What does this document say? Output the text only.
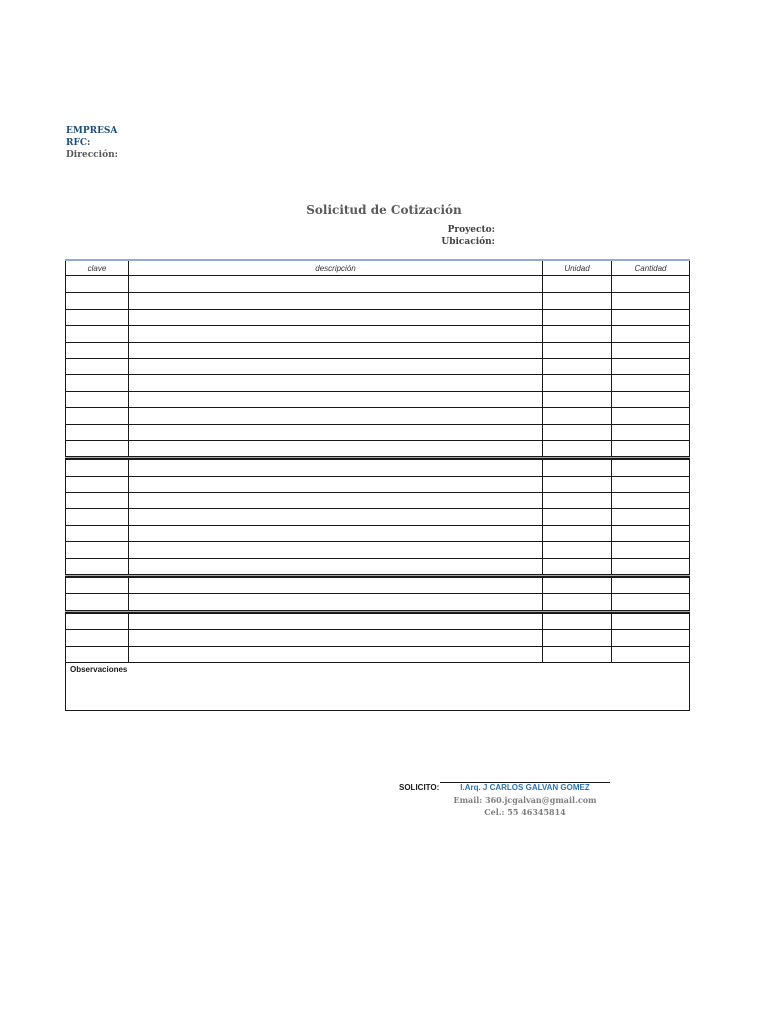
EMPRESA
RFC:
Dirección:
Solicitud de Cotización
Proyecto:
Ubicación:
clave	descripción	Unidad	Cantidad
Observaciones
SOLICITO:	I.Arq. J CARLOS GALVAN GOMEZ
Email: 360.jcgalvan@gmail.com
Cel.: 55 46345814
